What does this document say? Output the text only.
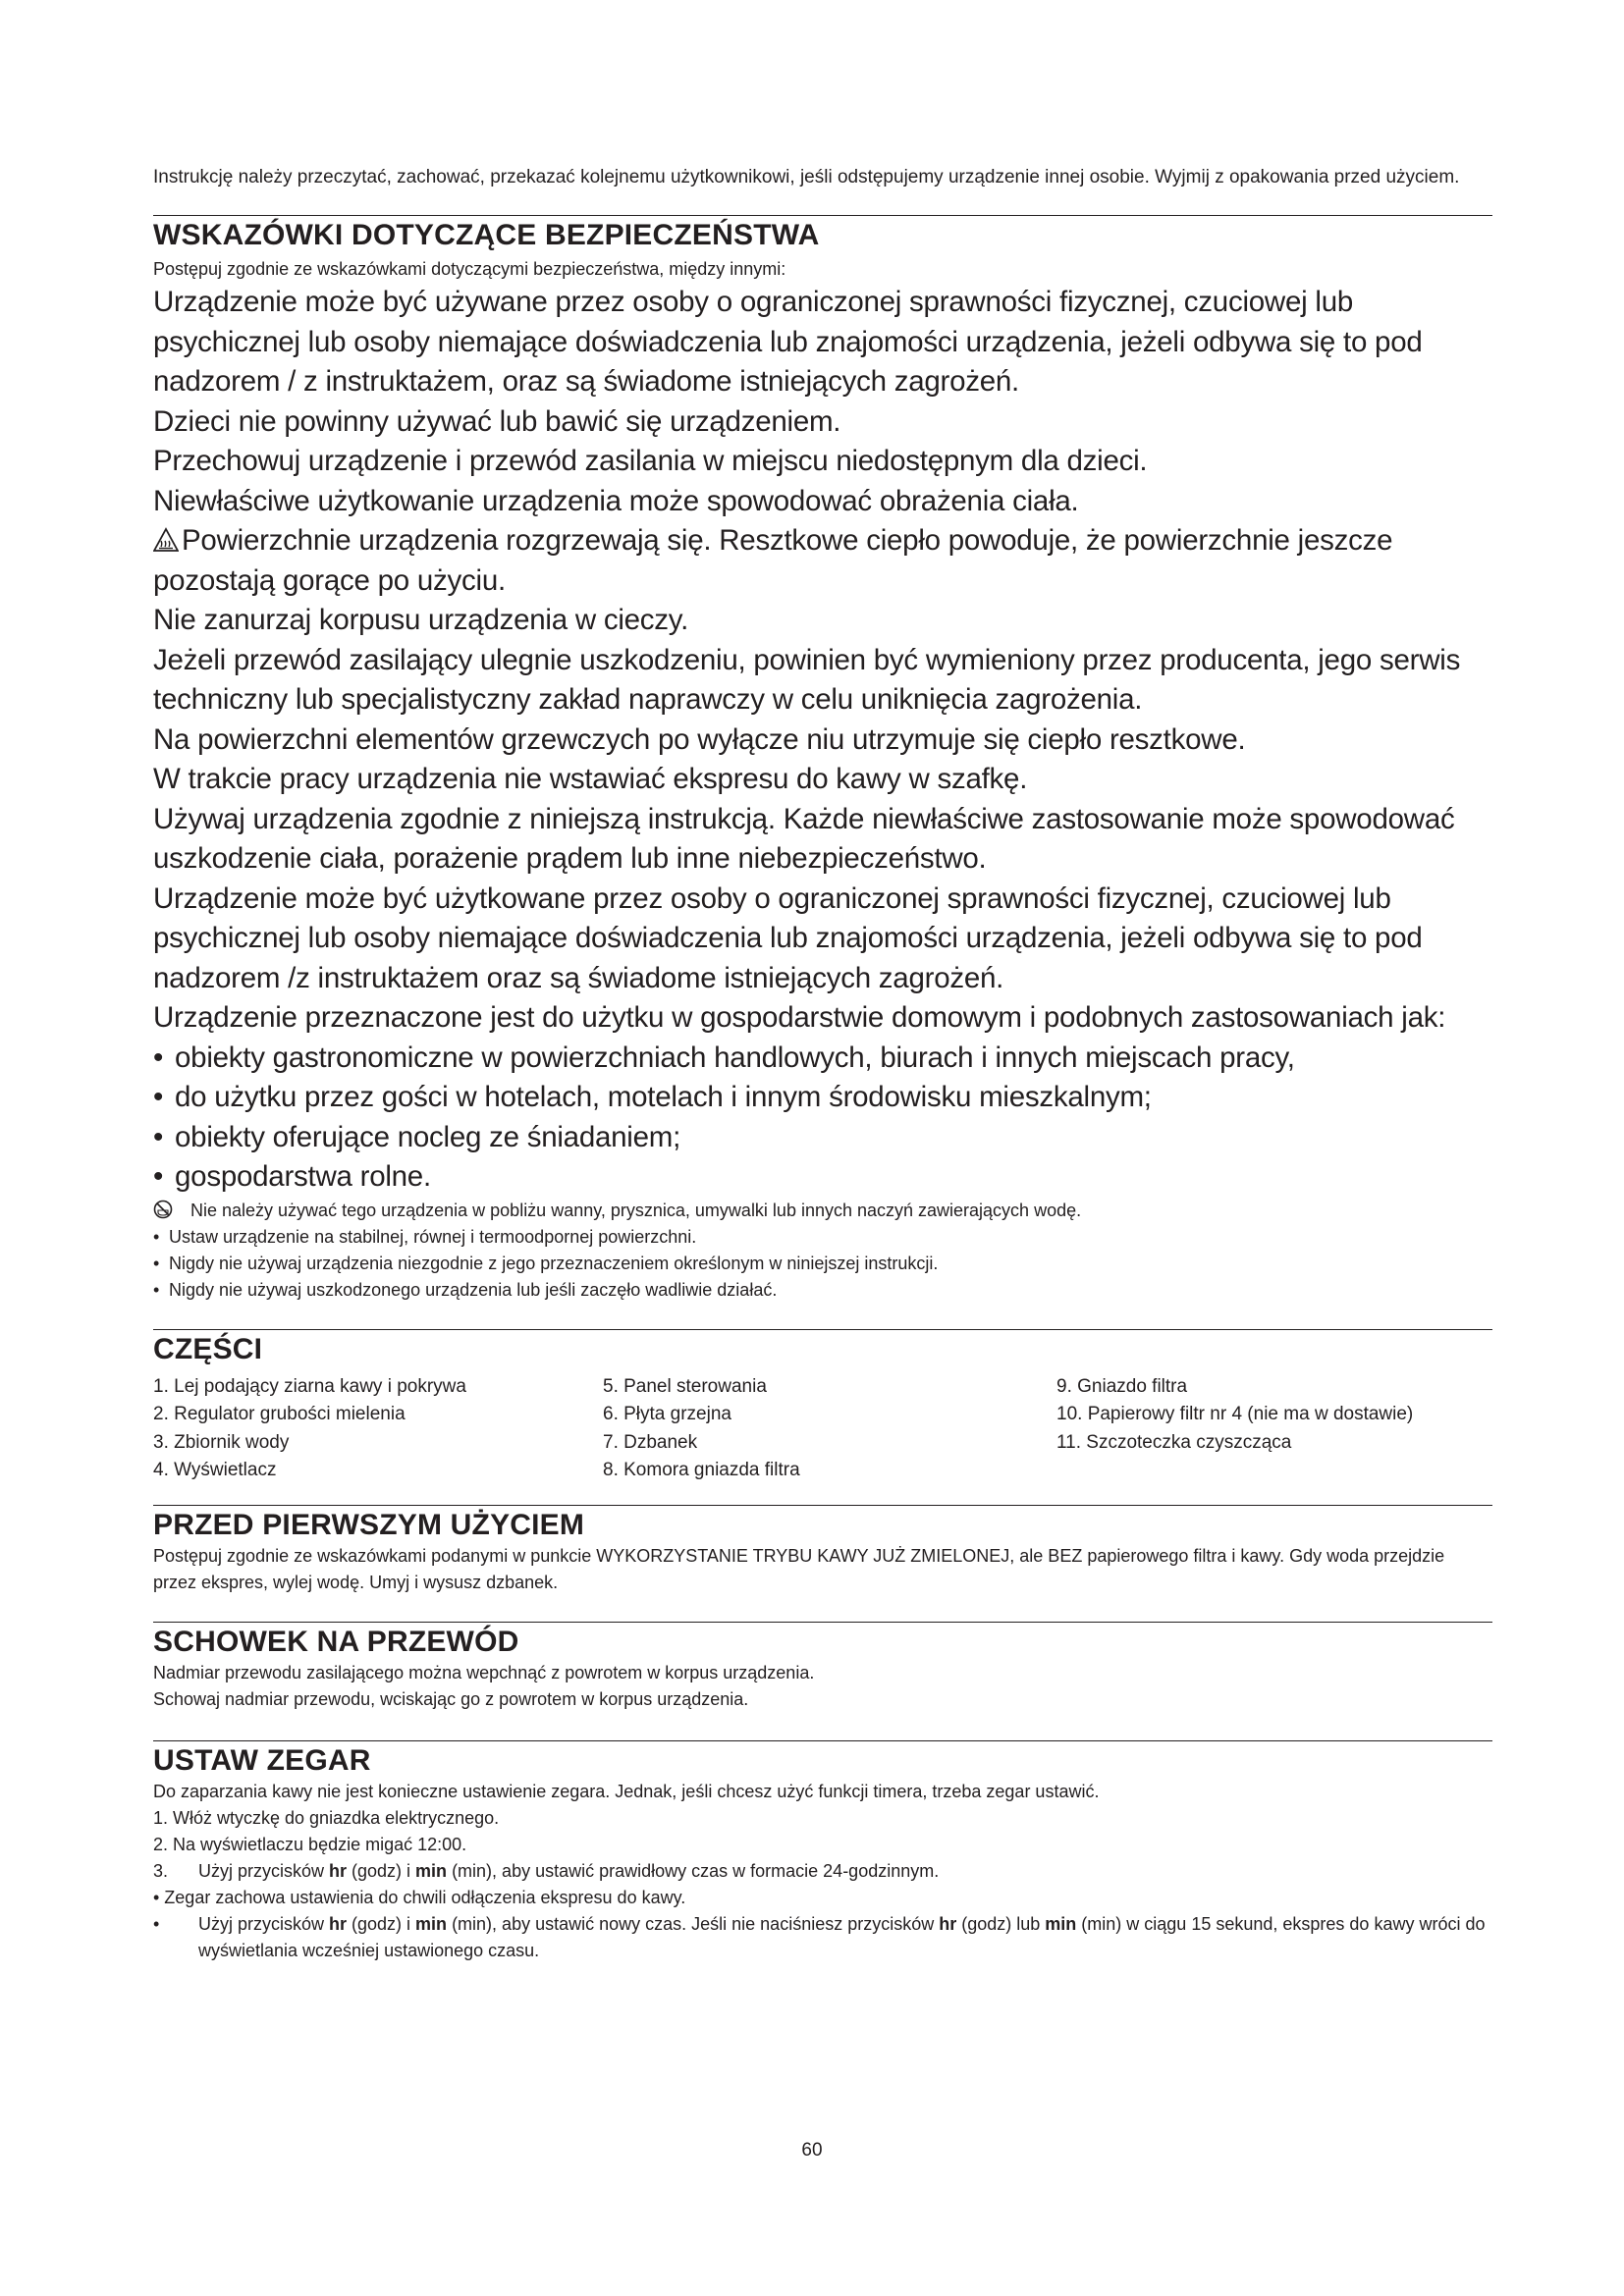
Instrukcję należy przeczytać, zachować, przekazać kolejnemu użytkownikowi, jeśli odstępujemy urządzenie innej osobie. Wyjmij z opakowania przed użyciem.

WSKAZÓWKI DOTYCZĄCE BEZPIECZEŃSTWA

Postępuj zgodnie ze wskazówkami dotyczącymi bezpieczeństwa, między innymi:

Urządzenie może być używane przez osoby o ograniczonej sprawności fizycznej, czuciowej lub psychicznej lub osoby niemające doświadczenia lub znajomości urządzenia, jeżeli odbywa się to pod nadzorem / z instruktażem, oraz są świadome istniejących zagrożeń.

Dzieci nie powinny używać lub bawić się urządzeniem.

Przechowuj urządzenie i przewód zasilania w miejscu niedostępnym dla dzieci.

Niewłaściwe użytkowanie urządzenia może spowodować obrażenia ciała.

Powierzchnie urządzenia rozgrzewają się. Resztkowe ciepło powoduje, że powierzchnie jeszcze pozostają gorące po użyciu.

Nie zanurzaj korpusu urządzenia w cieczy.

Jeżeli przewód zasilający ulegnie uszkodzeniu, powinien być wymieniony przez producenta, jego serwis techniczny lub specjalistyczny zakład naprawczy w celu uniknięcia zagrożenia.

Na powierzchni elementów grzewczych po wyłącze niu utrzymuje się ciepło resztkowe.

W trakcie pracy urządzenia nie wstawiać ekspresu do kawy w szafkę.

Używaj urządzenia zgodnie z niniejszą instrukcją. Każde niewłaściwe zastosowanie może spowodować uszkodzenie ciała, porażenie prądem lub inne niebezpieczeństwo.

Urządzenie może być użytkowane przez osoby o ograniczonej sprawności fizycznej, czuciowej lub psychicznej lub osoby niemające doświadczenia lub znajomości urządzenia, jeżeli odbywa się to pod nadzorem /z instruktażem oraz są świadome istniejących zagrożeń.

Urządzenie przeznaczone jest do użytku w gospodarstwie domowym i podobnych zastosowaniach jak:

• obiekty gastronomiczne w powierzchniach handlowych, biurach i innych miejscach pracy,
• do użytku przez gości w hotelach, motelach i innym środowisku mieszkalnym;
• obiekty oferujące nocleg ze śniadaniem;
• gospodarstwa rolne.

Nie należy używać tego urządzenia w pobliżu wanny, prysznica, umywalki lub innych naczyń zawierających wodę.

• Ustaw urządzenie na stabilnej, równej i termoodpornej powierzchni.
• Nigdy nie używaj urządzenia niezgodnie z jego przeznaczeniem określonym w niniejszej instrukcji.
• Nigdy nie używaj uszkodzonego urządzenia lub jeśli zaczęło wadliwie działać.
CZĘŚCI
1. Lej podający ziarna kawy i pokrywa
2. Regulator grubości mielenia
3. Zbiornik wody
4. Wyświetlacz
5. Panel sterowania
6. Płyta grzejna
7. Dzbanek
8. Komora gniazda filtra
9. Gniazdo filtra
10. Papierowy filtr nr 4 (nie ma w dostawie)
11. Szczoteczka czyszcząca
PRZED PIERWSZYM UŻYCIEM

Postępuj zgodnie ze wskazówkami podanymi w punkcie WYKORZYSTANIE TRYBU KAWY JUŻ ZMIELONEJ, ale BEZ papierowego filtra i kawy. Gdy woda przejdzie przez ekspres, wylej wodę. Umyj i wysusz dzbanek.

SCHOWEK NA PRZEWÓD

Nadmiar przewodu zasilającego można wepchnąć z powrotem w korpus urządzenia.

Schowaj nadmiar przewodu, wciskając go z powrotem w korpus urządzenia.

USTAW ZEGAR

Do zaparzania kawy nie jest konieczne ustawienie zegara. Jednak, jeśli chcesz użyć funkcji timera, trzeba zegar ustawić.

1. Włóż wtyczkę do gniazdka elektrycznego.

2. Na wyświetlaczu będzie migać 12:00.

3. Użyj przycisków hr (godz) i min (min), aby ustawić prawidłowy czas w formacie 24-godzinnym.

• Zegar zachowa ustawienia do chwili odłączenia ekspresu do kawy.

• Użyj przycisków hr (godz) i min (min), aby ustawić nowy czas. Jeśli nie naciśniesz przycisków hr (godz) lub min (min) w ciągu 15 sekund, ekspres do kawy wróci do wyświetlania wcześniej ustawionego czasu.

60
